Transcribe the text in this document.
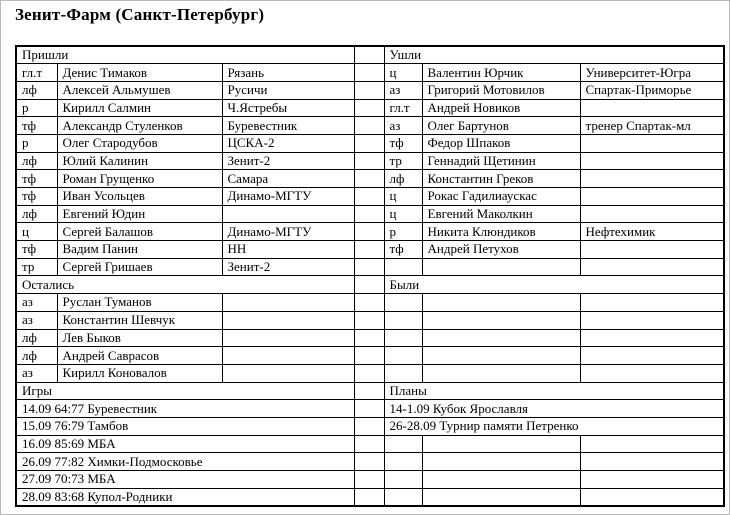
Зенит-Фарм (Санкт-Петербург)
Пришли				Ушли		
гл.т	Денис Тимаков	Рязань		ц	Валентин Юрчик	Университет-Югра
лф	Алексей Альмушев	Русичи		аз	Григорий Мотовилов	Спартак-Приморье
р	Кирилл Салмин	Ч.Ястребы		гл.т	Андрей Новиков	
тф	Александр Стуленков	Буревестник		аз	Олег Бартунов	тренер Спартак-мл
р	Олег Стародубов	ЦСКА-2		тф	Федор Шпаков	
лф	Юлий Калинин	Зенит-2		тр	Геннадий Щетинин	
тф	Роман Грущенко	Самара		лф	Константин Греков	
тф	Иван Усольцев	Динамо-МГТУ		ц	Рокас Гадилиаускас	
лф	Евгений Юдин			ц	Евгений Маколкин	
ц	Сергей Балашов	Динамо-МГТУ		р	Никита Клюндиков	Нефтехимик
тф	Вадим Панин	НН		тф	Андрей Петухов	
тр	Сергей Гришаев	Зенит-2				
Остались				Были		
аз	Руслан Туманов					
аз	Константин Шевчук					
лф	Лев Быков					
лф	Андрей Саврасов					
аз	Кирилл Коновалов					
Игры				Планы		
14.09 64:77 Буревестник				14-1.09 Кубок Ярославля		
15.09 76:79 Тамбов				26-28.09 Турнир памяти Петренко		
16.09 85:69 МБА						
26.09 77:82 Химки-Подмосковье						
27.09 70:73 МБА						
28.09 83:68 Купол-Родники						
